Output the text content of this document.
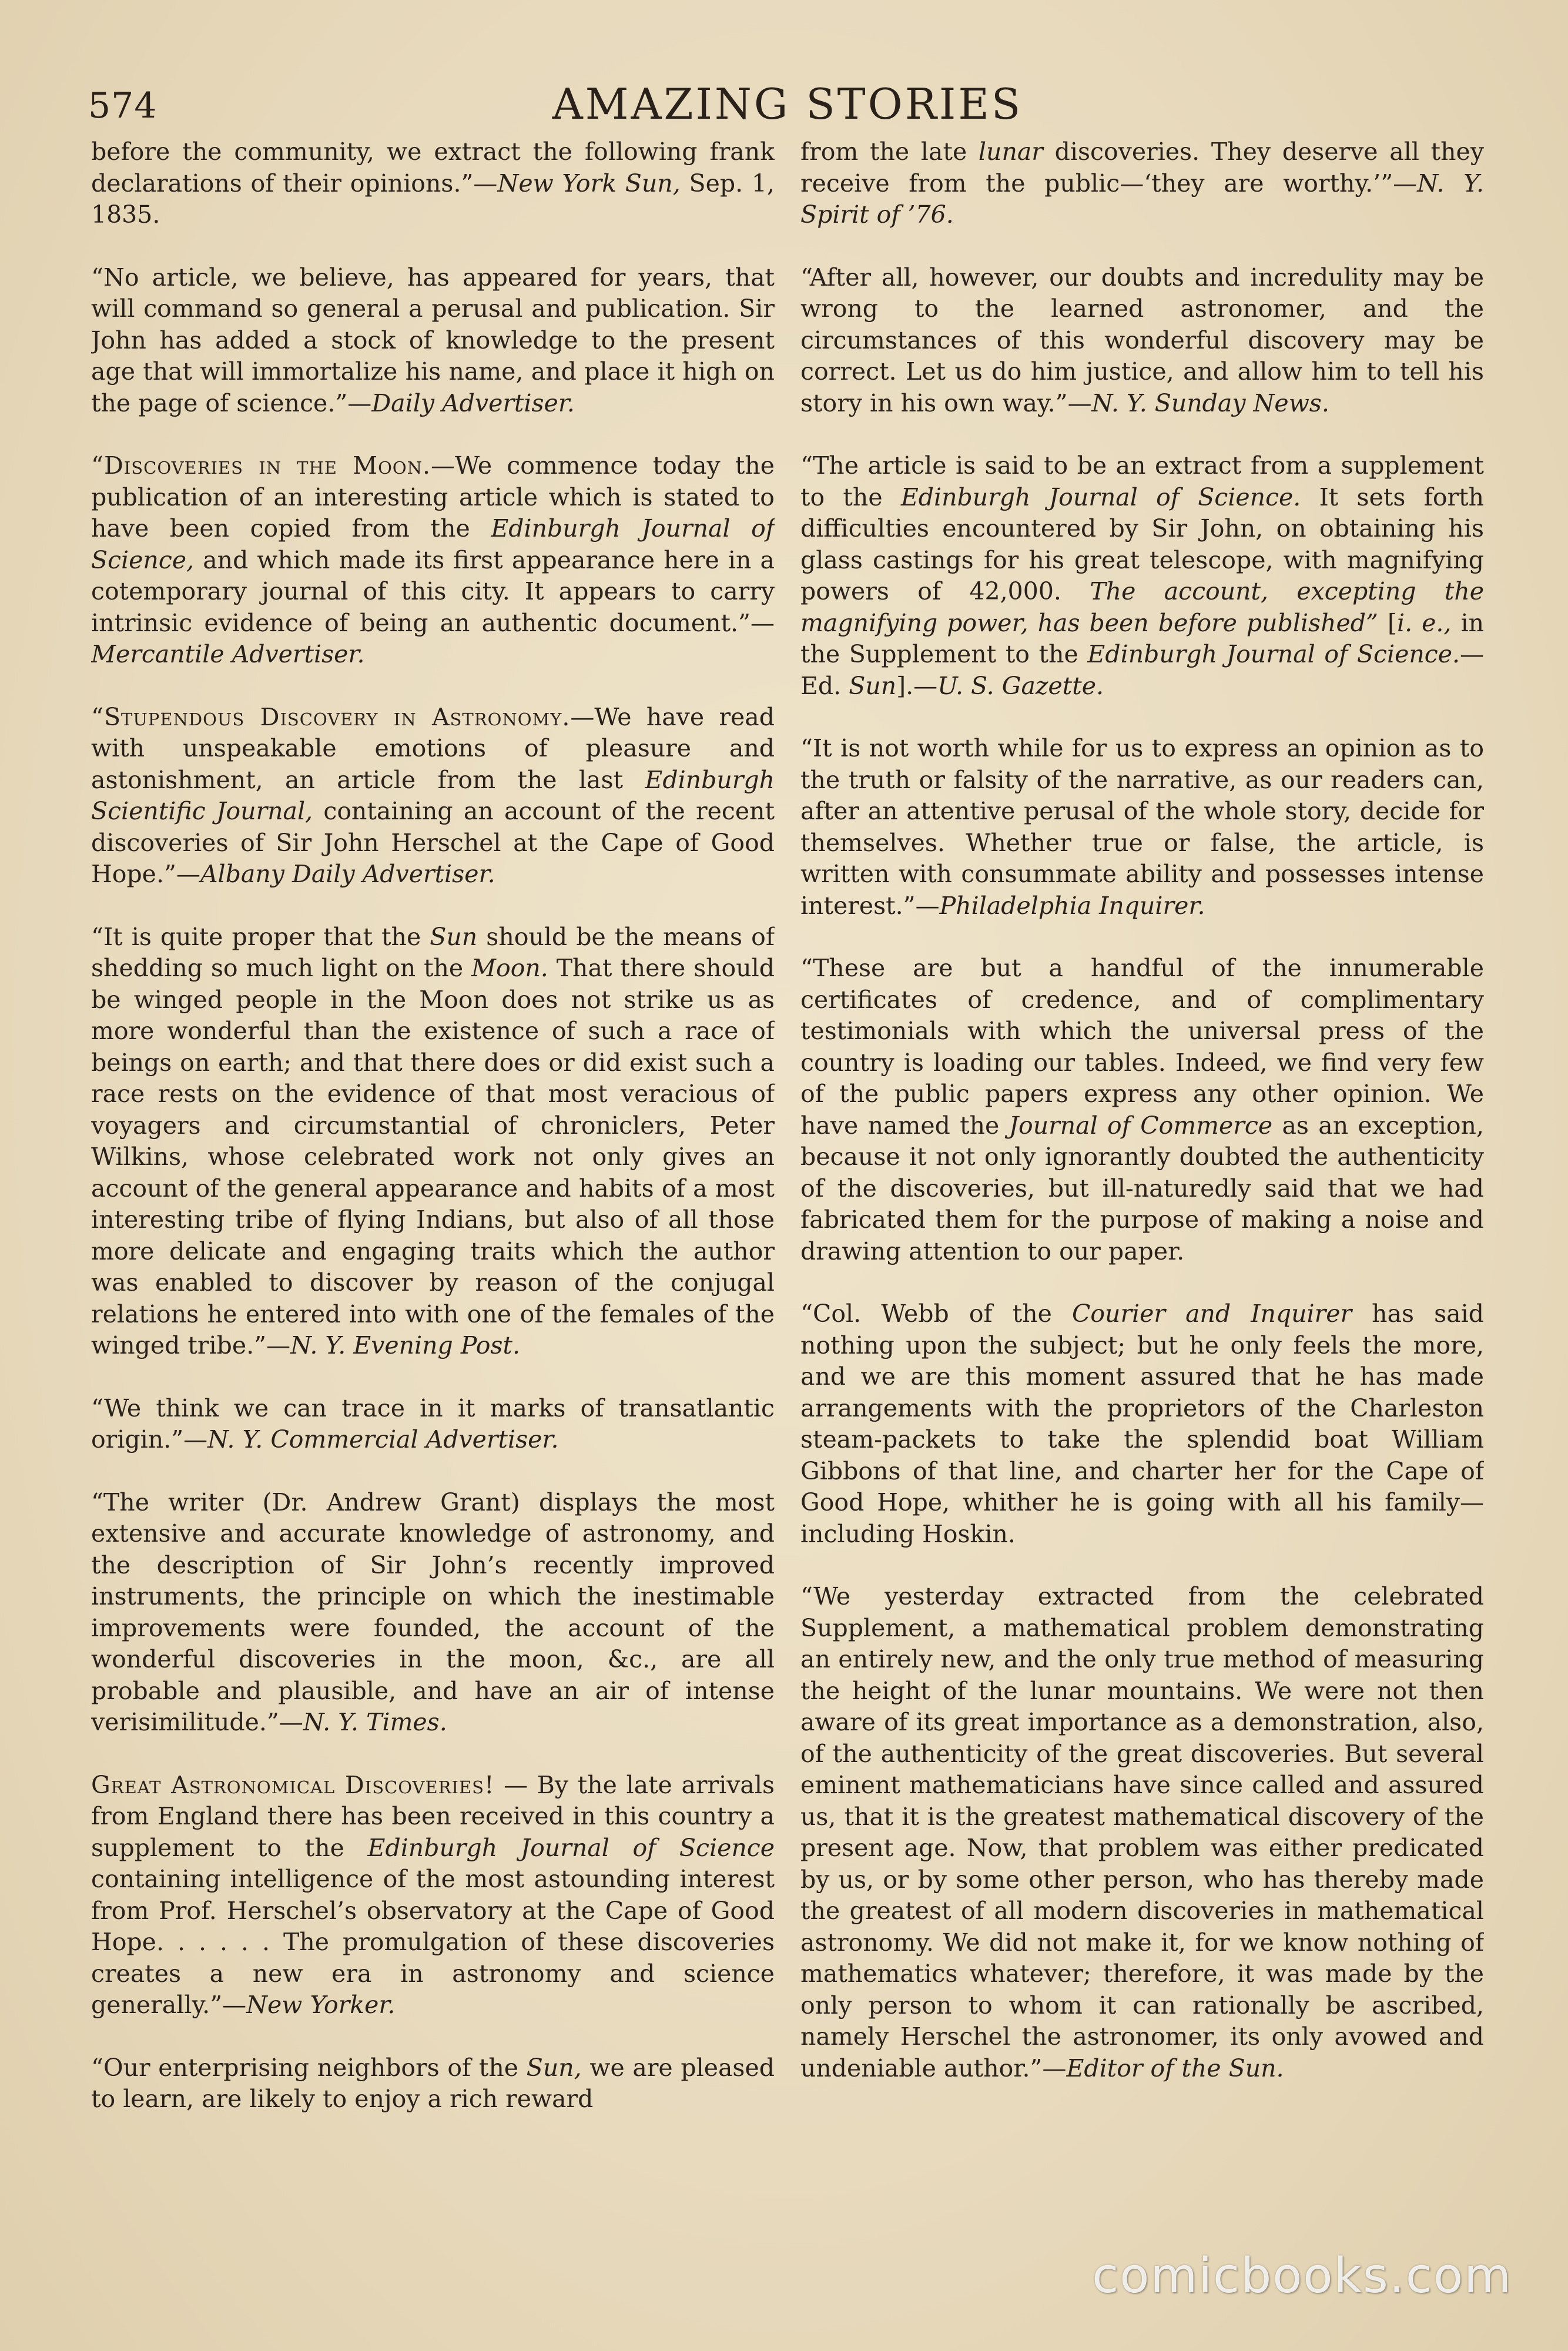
574	AMAZING STORIES

before the community, we extract the following frank declarations of their opinions.”—New York Sun, Sep. 1, 1835.

“No article, we believe, has appeared for years, that will command so general a perusal and publication. Sir John has added a stock of knowledge to the present age that will immortalize his name, and place it high on the page of science.”—Daily Advertiser.

“Discoveries in the Moon.—We commence today the publication of an interesting article which is stated to have been copied from the Edinburgh Journal of Science, and which made its first appearance here in a cotemporary journal of this city. It appears to carry intrinsic evidence of being an authentic document.”—Mercantile Advertiser.

“Stupendous Discovery in Astronomy.—We have read with unspeakable emotions of pleasure and astonishment, an article from the last Edinburgh Scientific Journal, containing an account of the recent discoveries of Sir John Herschel at the Cape of Good Hope.”—Albany Daily Advertiser.

“It is quite proper that the Sun should be the means of shedding so much light on the Moon. That there should be winged people in the Moon does not strike us as more wonderful than the existence of such a race of beings on earth; and that there does or did exist such a race rests on the evidence of that most veracious of voyagers and circumstantial of chroniclers, Peter Wilkins, whose celebrated work not only gives an account of the general appearance and habits of a most interesting tribe of flying Indians, but also of all those more delicate and engaging traits which the author was enabled to discover by reason of the conjugal relations he entered into with one of the females of the winged tribe.”—N. Y. Evening Post.

“We think we can trace in it marks of transatlantic origin.”—N. Y. Commercial Advertiser.

“The writer (Dr. Andrew Grant) displays the most extensive and accurate knowledge of astronomy, and the description of Sir John’s recently improved instruments, the principle on which the inestimable improvements were founded, the account of the wonderful discoveries in the moon, &c., are all probable and plausible, and have an air of intense verisimilitude.”—N. Y. Times.

Great Astronomical Discoveries! — By the late arrivals from England there has been received in this country a supplement to the Edinburgh Journal of Science containing intelligence of the most astounding interest from Prof. Herschel’s observatory at the Cape of Good Hope. . . . . . The promulgation of these discoveries creates a new era in astronomy and science generally.”—New Yorker.

“Our enterprising neighbors of the Sun, we are pleased to learn, are likely to enjoy a rich reward

from the late lunar discoveries. They deserve all they receive from the public—‘they are worthy.’”—N. Y. Spirit of ’76.

“After all, however, our doubts and incredulity may be wrong to the learned astronomer, and the circumstances of this wonderful discovery may be correct. Let us do him justice, and allow him to tell his story in his own way.”—N. Y. Sunday News.

“The article is said to be an extract from a supplement to the Edinburgh Journal of Science. It sets forth difficulties encountered by Sir John, on obtaining his glass castings for his great telescope, with magnifying powers of 42,000. The account, excepting the magnifying power, has been before published” [i. e., in the Supplement to the Edinburgh Journal of Science.—Ed. Sun].—U. S. Gazette.

“It is not worth while for us to express an opinion as to the truth or falsity of the narrative, as our readers can, after an attentive perusal of the whole story, decide for themselves. Whether true or false, the article, is written with consummate ability and possesses intense interest.”—Philadelphia Inquirer.

“These are but a handful of the innumerable certificates of credence, and of complimentary testimonials with which the universal press of the country is loading our tables. Indeed, we find very few of the public papers express any other opinion. We have named the Journal of Commerce as an exception, because it not only ignorantly doubted the authenticity of the discoveries, but ill-naturedly said that we had fabricated them for the purpose of making a noise and drawing attention to our paper.

“Col. Webb of the Courier and Inquirer has said nothing upon the subject; but he only feels the more, and we are this moment assured that he has made arrangements with the proprietors of the Charleston steam-packets to take the splendid boat William Gibbons of that line, and charter her for the Cape of Good Hope, whither he is going with all his family—including Hoskin.

“We yesterday extracted from the celebrated Supplement, a mathematical problem demonstrating an entirely new, and the only true method of measuring the height of the lunar mountains. We were not then aware of its great importance as a demonstration, also, of the authenticity of the great discoveries. But several eminent mathematicians have since called and assured us, that it is the greatest mathematical discovery of the present age. Now, that problem was either predicated by us, or by some other person, who has thereby made the greatest of all modern discoveries in mathematical astronomy. We did not make it, for we know nothing of mathematics whatever; therefore, it was made by the only person to whom it can rationally be ascribed, namely Herschel the astronomer, its only avowed and undeniable author.”—Editor of the Sun.

comicbooks.com
